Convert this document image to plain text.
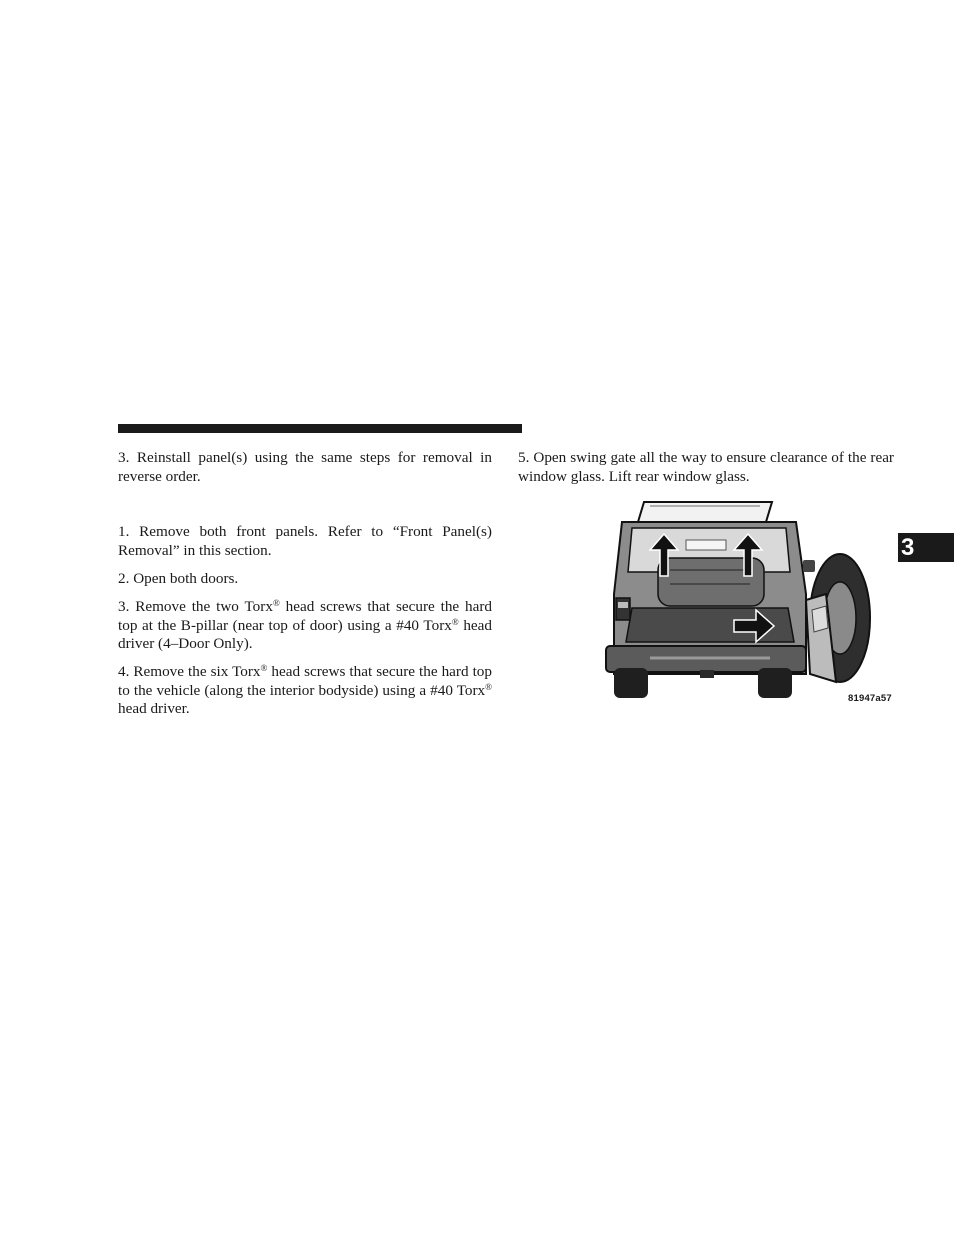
3. Reinstall panel(s) using the same steps for removal in reverse order.

1. Remove both front panels. Refer to “Front Panel(s) Removal” in this section.

2. Open both doors.

3. Remove the two Torx® head screws that secure the hard top at the B-pillar (near top of door) using a #40 Torx® head driver (4–Door Only).

4. Remove the six Torx® head screws that secure the hard top to the vehicle (along the interior bodyside) using a #40 Torx® head driver.

5. Open swing gate all the way to ensure clearance of the rear window glass. Lift rear window glass.

81947a57
3
